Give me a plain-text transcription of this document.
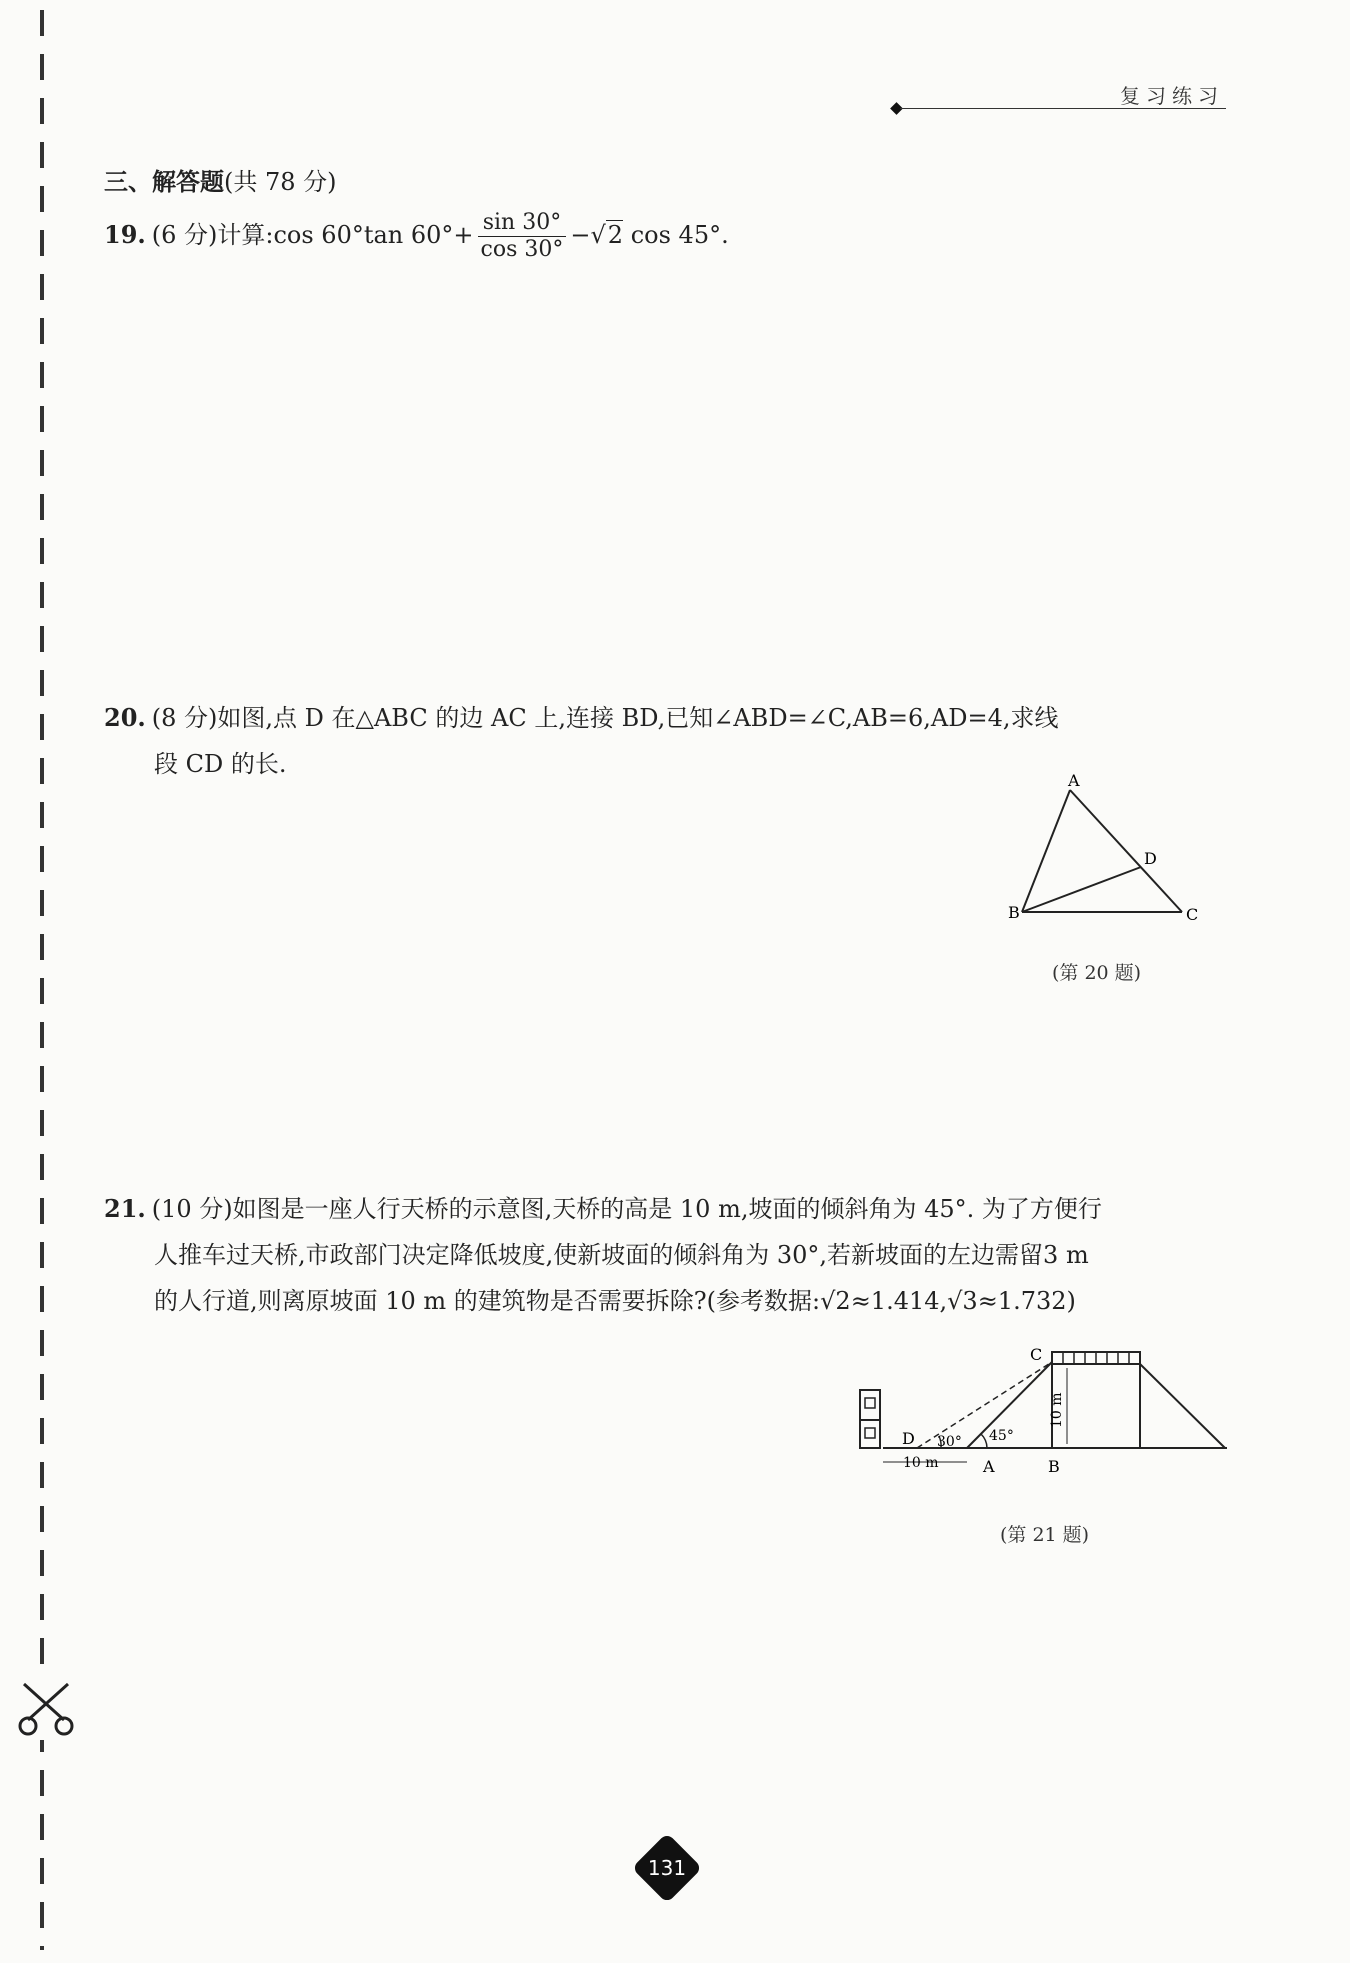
复习练习
三、解答题(共 78 分)
19. (6 分)计算:cos 60°tan $60^\circ+ \frac{\sin 30^\circ}{\cos 30^\circ} -√2$ cos 45°.
20. (8 分)如图,点 D 在△ABC 的边 AC 上,连接 BD,已知∠ABD=∠C,AB=6,AD=4,求线
段 CD 的长.
A
B	C
D
(第 20 题)
21. (10 分)如图是一座人行天桥的示意图,天桥的高是 10 m,坡面的倾斜角为 45°. 为了方便行
人推车过天桥,市政部门决定降低坡度,使新坡面的倾斜角为 30°,若新坡面的左边需留3 m
的人行道,则离原坡面 10 m 的建筑物是否需要拆除?(参考数据:√2≈1.414,√3≈1.732)
C
D
A	B
30° 45°
10 m
10 m
(第 21 题)
131
